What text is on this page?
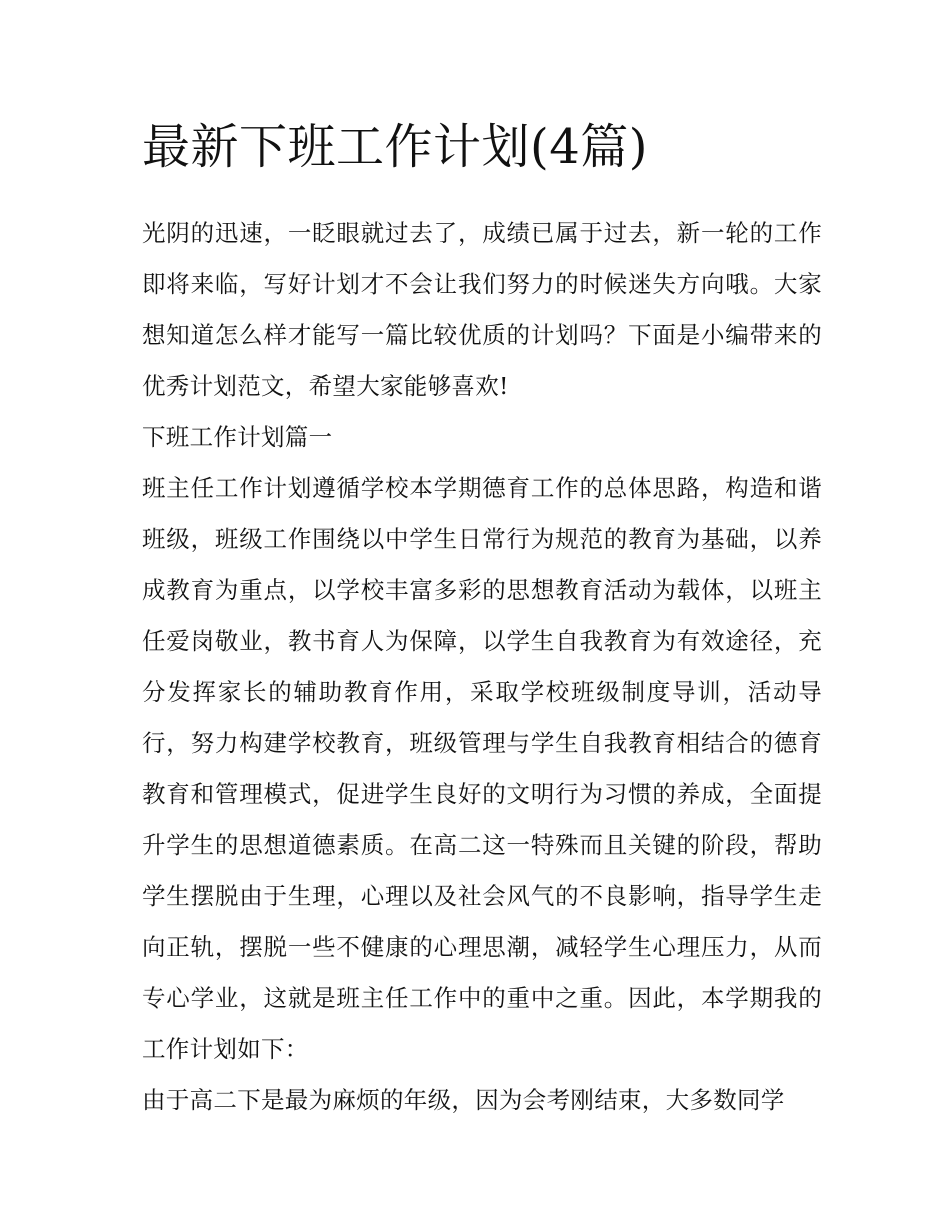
最新下班工作计划(4篇)

光阴的迅速，一眨眼就过去了，成绩已属于过去，新一轮的工作即将来临，写好计划才不会让我们努力的时候迷失方向哦。大家想知道怎么样才能写一篇比较优质的计划吗？下面是小编带来的优秀计划范文，希望大家能够喜欢!

下班工作计划篇一

班主任工作计划遵循学校本学期德育工作的总体思路，构造和谐班级，班级工作围绕以中学生日常行为规范的教育为基础，以养成教育为重点，以学校丰富多彩的思想教育活动为载体，以班主任爱岗敬业，教书育人为保障，以学生自我教育为有效途径，充分发挥家长的辅助教育作用，采取学校班级制度导训，活动导行，努力构建学校教育，班级管理与学生自我教育相结合的德育教育和管理模式，促进学生良好的文明行为习惯的养成，全面提升学生的思想道德素质。在高二这一特殊而且关键的阶段，帮助学生摆脱由于生理，心理以及社会风气的不良影响，指导学生走向正轨，摆脱一些不健康的心理思潮，减轻学生心理压力，从而专心学业，这就是班主任工作中的重中之重。因此，本学期我的工作计划如下：

由于高二下是最为麻烦的年级，因为会考刚结束，大多数同学
